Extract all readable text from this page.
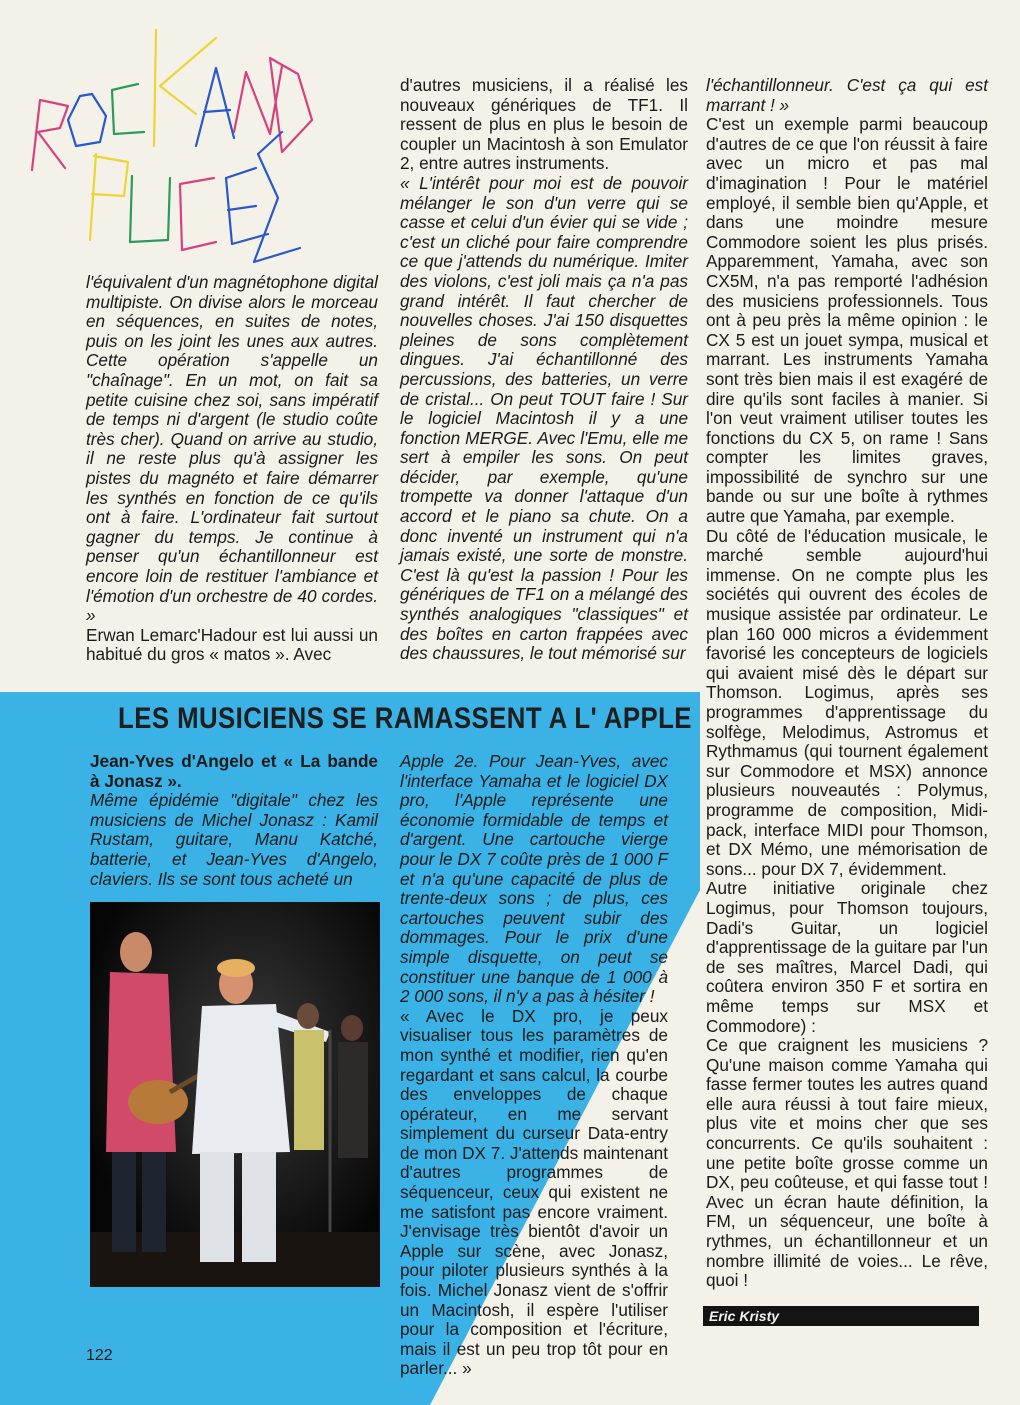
l'équivalent d'un magnétophone digital multipiste. On divise alors le morceau en séquences, en suites de notes, puis on les joint les unes aux autres. Cette opération s'appelle un "chaînage". En un mot, on fait sa petite cuisine chez soi, sans impératif de temps ni d'argent (le studio coûte très cher). Quand on arrive au studio, il ne reste plus qu'à assigner les pistes du magnéto et faire démarrer les synthés en fonction de ce qu'ils ont à faire. L'ordinateur fait surtout gagner du temps. Je continue à penser qu'un échantillonneur est encore loin de restituer l'ambiance et l'émotion d'un orchestre de 40 cordes. »

Erwan Lemarc'Hadour est lui aussi un habitué du gros « matos ». Avec

d'autres musiciens, il a réalisé les nouveaux génériques de TF1. Il ressent de plus en plus le besoin de coupler un Macintosh à son Emulator 2, entre autres instruments.

« L'intérêt pour moi est de pouvoir mélanger le son d'un verre qui se casse et celui d'un évier qui se vide ; c'est un cliché pour faire comprendre ce que j'attends du numérique. Imiter des violons, c'est joli mais ça n'a pas grand intérêt. Il faut chercher de nouvelles choses. J'ai 150 disquettes pleines de sons complètement dingues. J'ai échantillonné des percussions, des batteries, un verre de cristal... On peut TOUT faire ! Sur le logiciel Macintosh il y a une fonction MERGE. Avec l'Emu, elle me sert à empiler les sons. On peut décider, par exemple, qu'une trompette va donner l'attaque d'un accord et le piano sa chute. On a donc inventé un instrument qui n'a jamais existé, une sorte de monstre. C'est là qu'est la passion ! Pour les génériques de TF1 on a mélangé des synthés analogiques "classiques" et des boîtes en carton frappées avec des chaussures, le tout mémorisé sur

l'échantillonneur. C'est ça qui est marrant ! »

C'est un exemple parmi beaucoup d'autres de ce que l'on réussit à faire avec un micro et pas mal d'imagination ! Pour le matériel employé, il semble bien qu'Apple, et dans une moindre mesure Commodore soient les plus prisés. Apparemment, Yamaha, avec son CX5M, n'a pas remporté l'adhésion des musiciens professionnels. Tous ont à peu près la même opinion : le CX 5 est un jouet sympa, musical et marrant. Les instruments Yamaha sont très bien mais il est exagéré de dire qu'ils sont faciles à manier. Si l'on veut vraiment utiliser toutes les fonctions du CX 5, on rame ! Sans compter les limites graves, impossibilité de synchro sur une bande ou sur une boîte à rythmes autre que Yamaha, par exemple.

Du côté de l'éducation musicale, le marché semble aujourd'hui immense. On ne compte plus les sociétés qui ouvrent des écoles de musique assistée par ordinateur. Le plan 160 000 micros a évidemment favorisé les concepteurs de logiciels qui avaient misé dès le départ sur Thomson. Logimus, après ses programmes d'apprentissage du solfège, Melodimus, Astromus et Rythmamus (qui tournent également sur Commodore et MSX) annonce plusieurs nouveautés : Polymus, programme de composition, Midi-pack, interface MIDI pour Thomson, et DX Mémo, une mémorisation de sons... pour DX 7, évidemment.

Autre initiative originale chez Logimus, pour Thomson toujours, Dadi's Guitar, un logiciel d'apprentissage de la guitare par l'un de ses maîtres, Marcel Dadi, qui coûtera environ 350 F et sortira en même temps sur MSX et Commodore) :

Ce que craignent les musiciens ? Qu'une maison comme Yamaha qui fasse fermer toutes les autres quand elle aura réussi à tout faire mieux, plus vite et moins cher que ses concurrents. Ce qu'ils souhaitent : une petite boîte grosse comme un DX, peu coûteuse, et qui fasse tout ! Avec un écran haute définition, la FM, un séquenceur, une boîte à rythmes, un échantillonneur et un nombre illimité de voies... Le rêve, quoi !

LES MUSICIENS SE RAMASSENT A L' APPLE

Jean-Yves d'Angelo et « La bande à Jonasz ».

Même épidémie "digitale" chez les musiciens de Michel Jonasz : Kamil Rustam, guitare, Manu Katché, batterie, et Jean-Yves d'Angelo, claviers. Ils se sont tous acheté un

Apple 2e. Pour Jean-Yves, avec l'interface Yamaha et le logiciel DX pro, l'Apple représente une économie formidable de temps et d'argent. Une cartouche vierge pour le DX 7 coûte près de 1 000 F et n'a qu'une capacité de plus de trente-deux sons ; de plus, ces cartouches peuvent subir des dommages. Pour le prix d'une simple disquette, on peut se constituer une banque de 1 000 à 2 000 sons, il n'y a pas à hésiter !

« Avec le DX pro, je peux visualiser tous les paramètres de mon synthé et modifier, rien qu'en regardant et sans calcul, la courbe des enveloppes de chaque opérateur, en me servant simplement du curseur Data-entry de mon DX 7. J'attends maintenant d'autres programmes de séquenceur, ceux qui existent ne me satisfont pas encore vraiment. J'envisage très bientôt d'avoir un Apple sur scène, avec Jonasz, pour piloter plusieurs synthés à la fois. Michel Jonasz vient de s'offrir un Macintosh, il espère l'utiliser pour la composition et l'écriture, mais il est un peu trop tôt pour en parler... »

Eric Kristy
122
